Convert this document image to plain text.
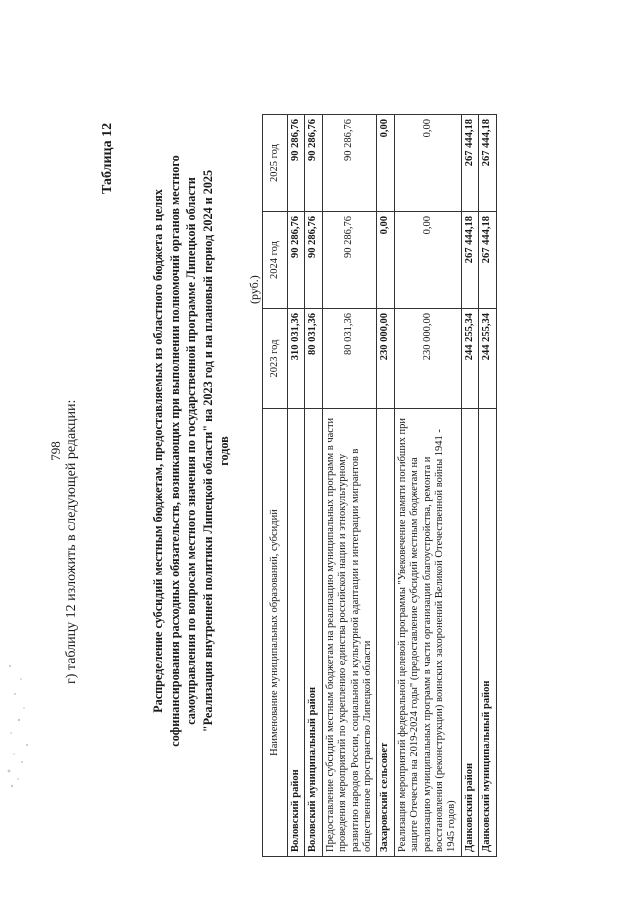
798 г) таблицу 12 изложить в следующей редакции:
Таблица 12
Распределение субсидий местным бюджетам, предоставляемых из областного бюджета в целях софинансирования расходных обязательств, возникающих при выполнении полномочий органов местного самоуправления по вопросам местного значения по государственной программе Липецкой области "Реализация внутренней политики Липецкой области" на 2023 год и на плановый период 2024 и 2025 годов
(руб.)
Наименование муниципальных образований, субсидий	2023 год	2024 год	2025 год
Воловский район	310 031,36	90 286,76	90 286,76
Воловский муниципальный район	80 031,36	90 286,76	90 286,76
Предоставление субсидий местным бюджетам на реализацию муниципальных программ в части проведения мероприятий по укреплению единства российской нации и этнокультурному развитию народов России, социальной и культурной адаптации и интеграции мигрантов в общественное пространство Липецкой области	80 031,36	90 286,76	90 286,76
Захаровский сельсовет	230 000,00	0,00	0,00
Реализация мероприятий федеральной целевой программы "Увековечение памяти погибших при защите Отечества на 2019-2024 годы" (предоставление субсидий местным бюджетам на реализацию муниципальных программ в части организации благоустройства, ремонта и восстановления (реконструкции) воинских захоронений Великой Отечественной войны 1941 - 1945 годов)	230 000,00	0,00	0,00
Данковский район	244 255,34	267 444,18	267 444,18
Данковский муниципальный район	244 255,34	267 444,18	267 444,18
